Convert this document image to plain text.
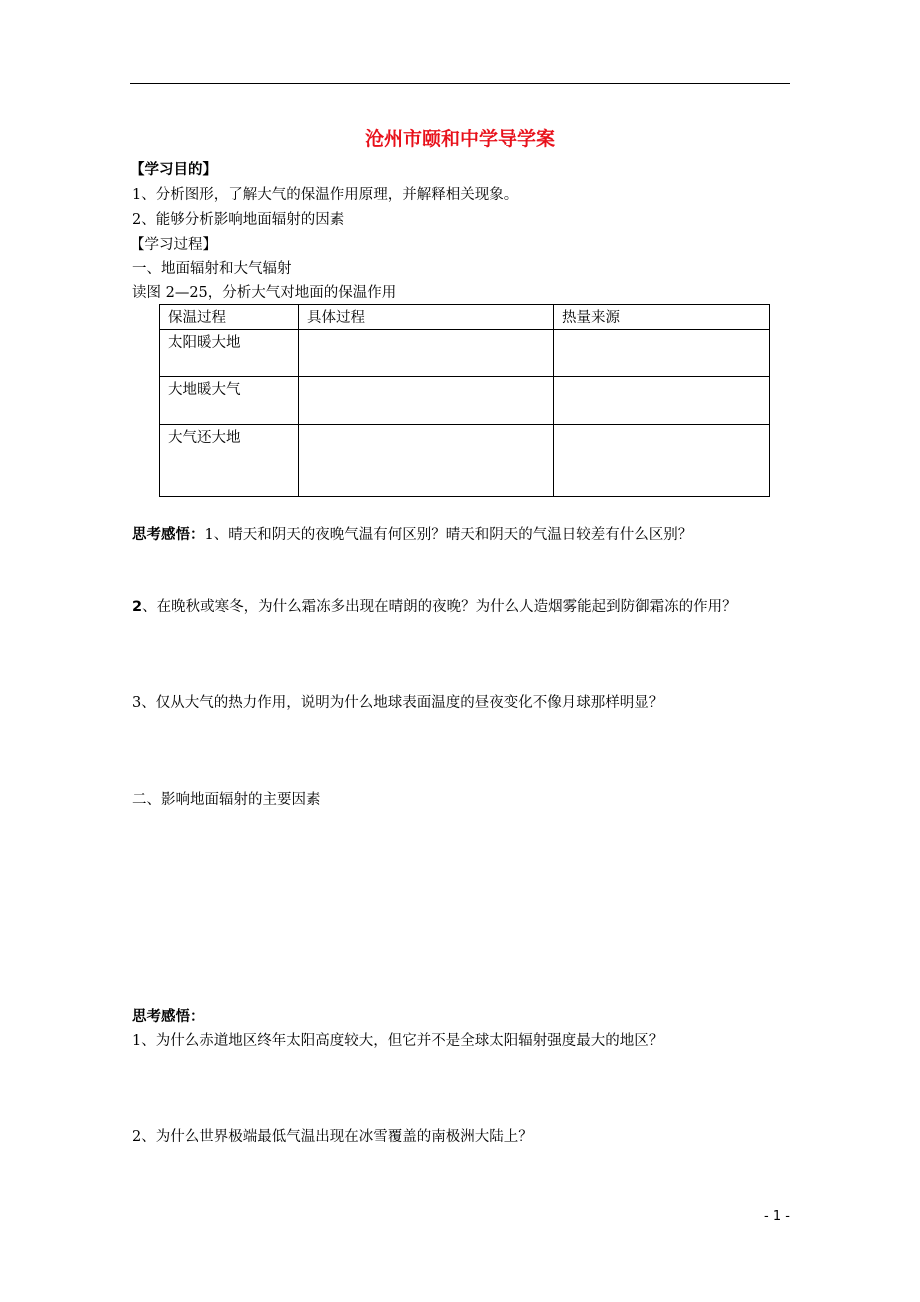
沧州市颐和中学导学案
【学习目的】
1、分析图形，了解大气的保温作用原理，并解释相关现象。
2、能够分析影响地面辐射的因素
【学习过程】
一、地面辐射和大气辐射
读图 2—25，分析大气对地面的保温作用
保温过程	具体过程	热量来源
太阳暖大地		
大地暖大气		
大气还大地		
思考感悟：1、晴天和阴天的夜晚气温有何区别？晴天和阴天的气温日较差有什么区别？
2、在晚秋或寒冬，为什么霜冻多出现在晴朗的夜晚？为什么人造烟雾能起到防御霜冻的作用？
3、仅从大气的热力作用，说明为什么地球表面温度的昼夜变化不像月球那样明显？
二、影响地面辐射的主要因素
思考感悟：
1、为什么赤道地区终年太阳高度较大，但它并不是全球太阳辐射强度最大的地区？
2、为什么世界极端最低气温出现在冰雪覆盖的南极洲大陆上？
- 1 -
